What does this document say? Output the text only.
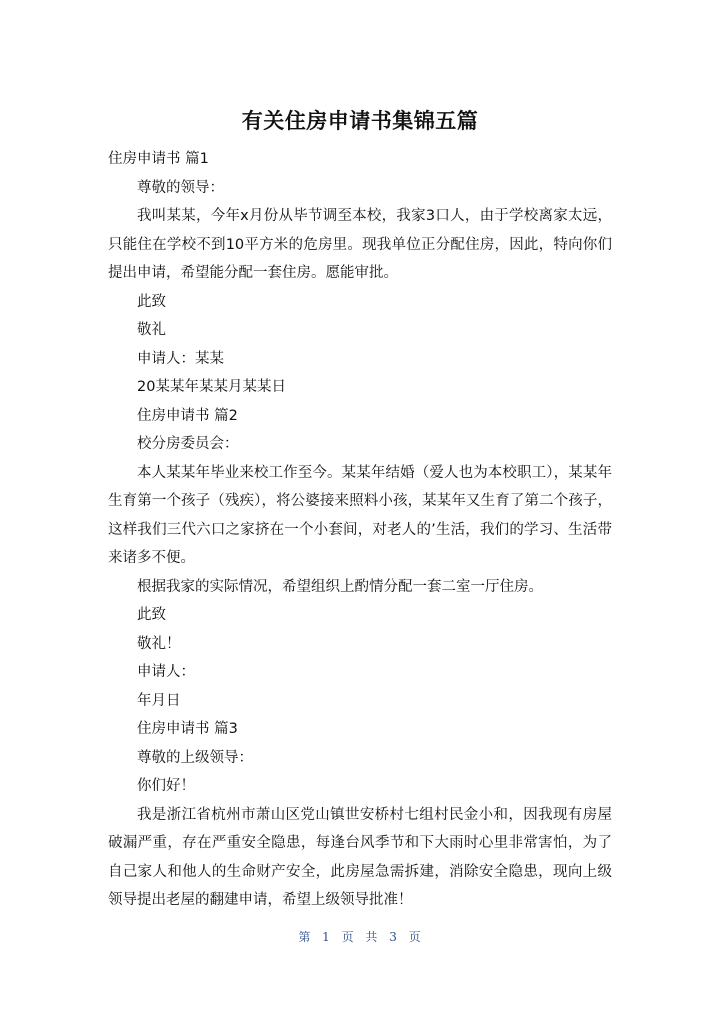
有关住房申请书集锦五篇

住房申请书 篇1

尊敬的领导：

我叫某某，今年x月份从毕节调至本校，我家3口人，由于学校离家太远，只能住在学校不到10平方米的危房里。现我单位正分配住房，因此，特向你们提出申请，希望能分配一套住房。愿能审批。

此致

敬礼

申请人：某某

20某某年某某月某某日

住房申请书 篇2

校分房委员会：

本人某某年毕业来校工作至今。某某年结婚（爱人也为本校职工），某某年生育第一个孩子（残疾），将公婆接来照料小孩，某某年又生育了第二个孩子，这样我们三代六口之家挤在一个小套间，对老人的’生活，我们的学习、生活带来诸多不便。

根据我家的实际情况，希望组织上酌情分配一套二室一厅住房。

此致

敬礼！

申请人：

年月日

住房申请书 篇3

尊敬的上级领导：

你们好！

我是浙江省杭州市萧山区党山镇世安桥村七组村民金小和，因我现有房屋破漏严重，存在严重安全隐患，每逢台风季节和下大雨时心里非常害怕，为了自己家人和他人的生命财产安全，此房屋急需拆建，消除安全隐患，现向上级领导提出老屋的翻建申请，希望上级领导批准！

第 1 页 共 3 页
